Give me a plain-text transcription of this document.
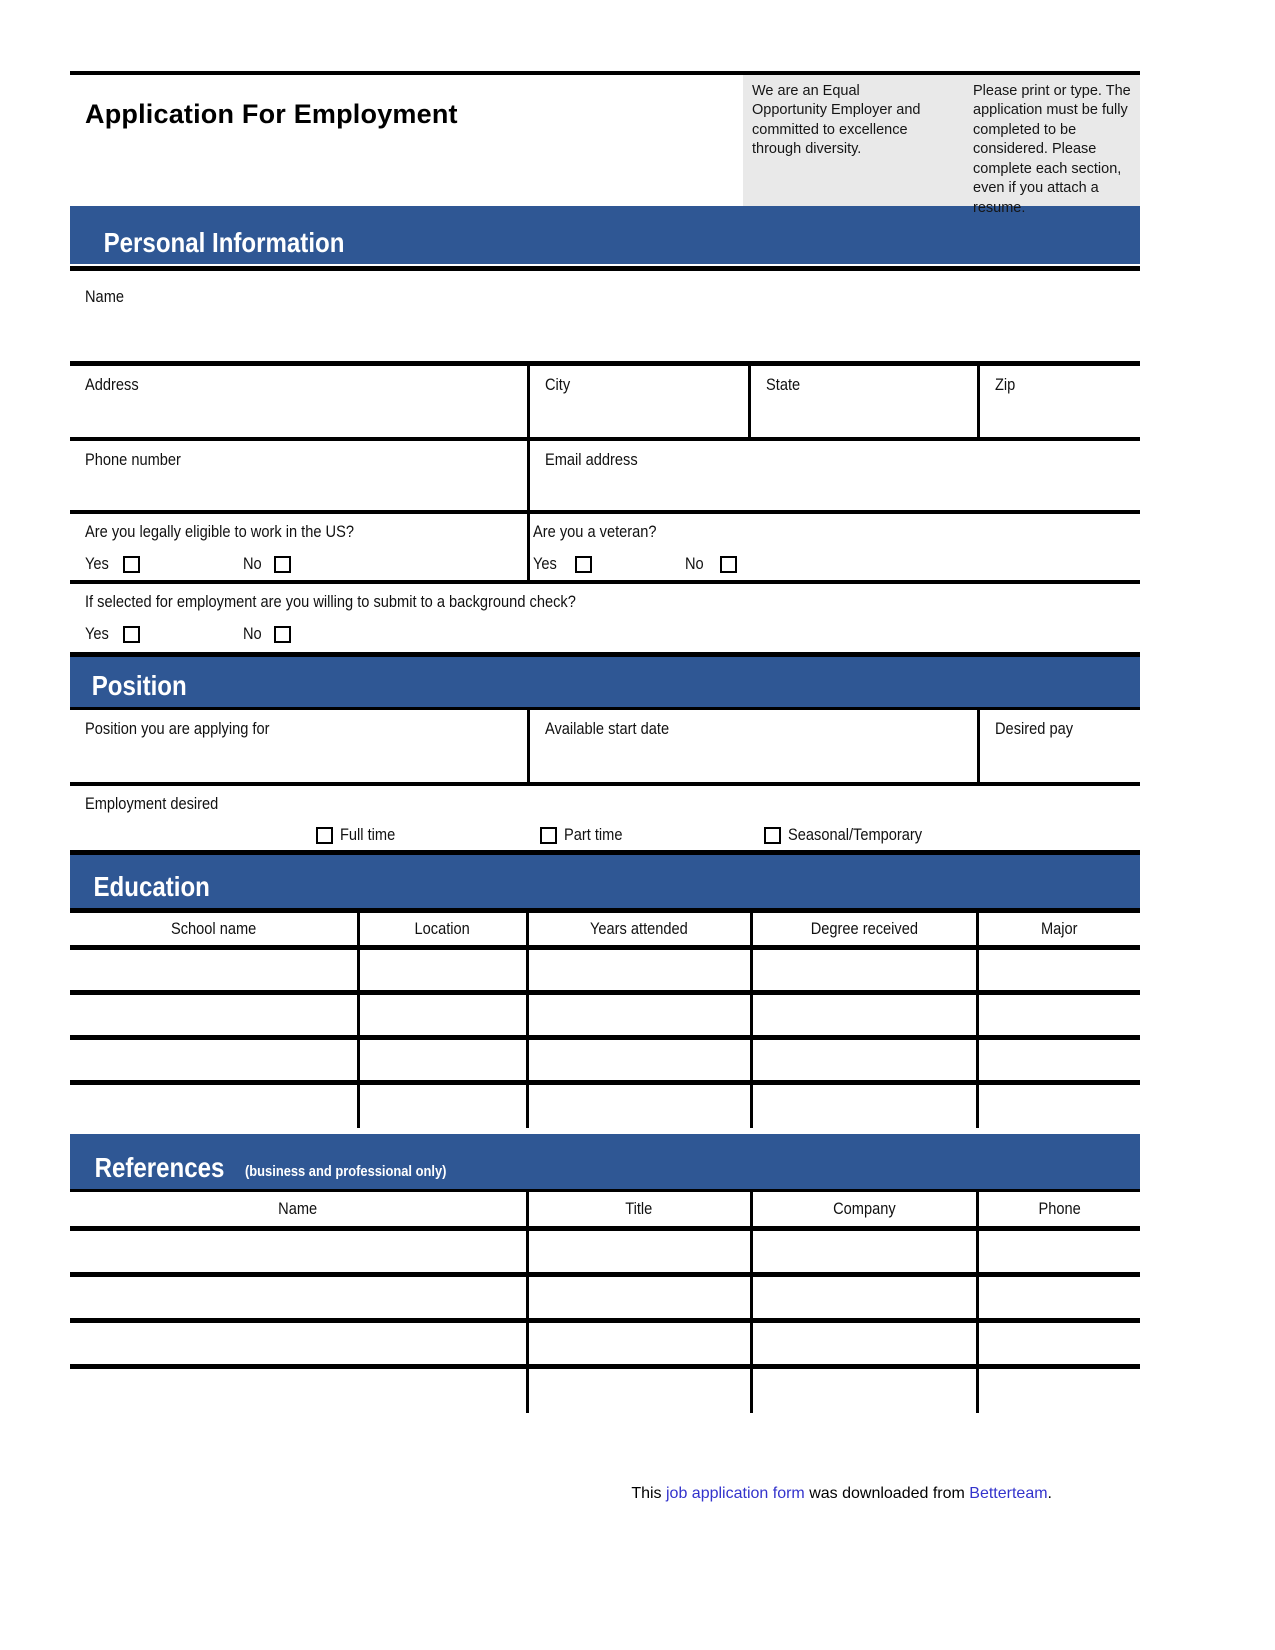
Application For Employment

We are an Equal Opportunity Employer and committed to excellence through diversity.

Please print or type. The application must be fully completed to be considered. Please complete each section, even if you attach a resume.

Personal Information
Name
Address	City	State	Zip
Phone number	Email address
Are you legally eligible to work in the US?
Yes	No
Are you a veteran?
Yes	No
If selected for employment are you willing to submit to a background check?
Yes	No
Position
Position you are applying for	Available start date	Desired pay
Employment desired
Full time	Part time	Seasonal/Temporary
Education
School name	Location	Years attended	Degree received	Major

References	(business and professional only)
Name	Title	Company	Phone

This job application form was downloaded from Betterteam.
